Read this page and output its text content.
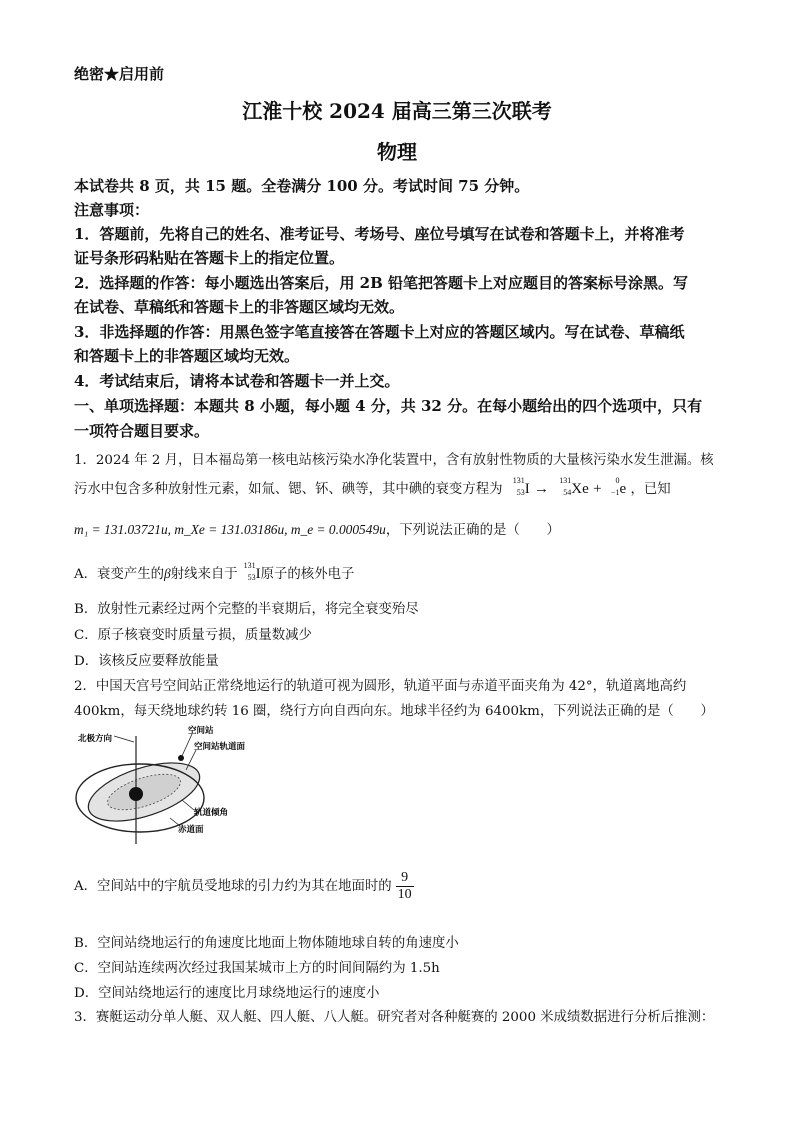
绝密★启用前
江淮十校 2024 届高三第三次联考
物理
本试卷共 8 页，共 15 题。全卷满分 100 分。考试时间 75 分钟。
注意事项：
1．答题前，先将自己的姓名、准考证号、考场号、座位号填写在试卷和答题卡上，并将准考
证号条形码粘贴在答题卡上的指定位置。
2．选择题的作答：每小题选出答案后，用 2B 铅笔把答题卡上对应题目的答案标号涂黑。写
在试卷、草稿纸和答题卡上的非答题区域均无效。
3．非选择题的作答：用黑色签字笔直接答在答题卡上对应的答题区域内。写在试卷、草稿纸
和答题卡上的非答题区域均无效。
4．考试结束后，请将本试卷和答题卡一并上交。
一、单项选择题：本题共 8 小题，每小题 4 分，共 32 分。在每小题给出的四个选项中，只有
一项符合题目要求。
1．2024 年 2 月，日本福岛第一核电站核污染水净化装置中，含有放射性物质的大量核污染水发生泄漏。核
污水中包含多种放射性元素，如氚、锶、钚、碘等，其中碘的衰变方程为
131
53 I →
131
54 Xe +
0
−1 e ，已知
m₁ = 131.03721u, m_Xe = 131.03186u, m_e = 0.000549u，下列说法正确的是（　　）
A．衰变产生的β射线来自于
131
53 I原子的核外电子
B．放射性元素经过两个完整的半衰期后，将完全衰变殆尽
C．原子核衰变时质量亏损，质量数减少
D．该核反应要释放能量
2．中国天宫号空间站正常绕地运行的轨道可视为圆形，轨道平面与赤道平面夹角为 42°，轨道离地高约
400km，每天绕地球约转 16 圈，绕行方向自西向东。地球半径约为 6400km，下列说法正确的是（　　）
北极方向
空间站
空间站轨道面
轨道倾角
赤道面
A．空间站中的宇航员受地球的引力约为其在地面时的 $\frac{9}{10}$
B．空间站绕地运行的角速度比地面上物体随地球自转的角速度小
C．空间站连续两次经过我国某城市上方的时间间隔约为 1.5h
D．空间站绕地运行的速度比月球绕地运行的速度小
3．赛艇运动分单人艇、双人艇、四人艇、八人艇。研究者对各种艇赛的 2000 米成绩数据进行分析后推测：
